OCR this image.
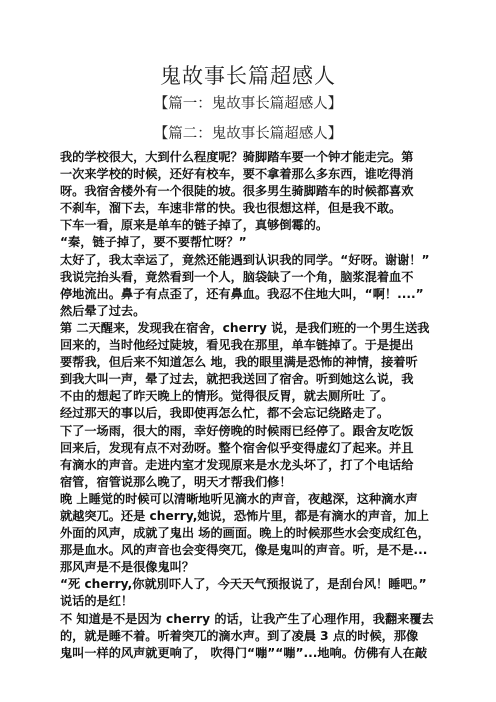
鬼故事长篇超感人
【篇一：鬼故事长篇超感人】
【篇二：鬼故事长篇超感人】
我的学校很大，大到什么程度呢？骑脚踏车要一个钟才能走完。第
一次来学校的时候，还好有校车，要不拿着那么多东西，谁吃得消
呀。我宿舍楼外有一个很陡的坡。很多男生骑脚踏车的时候都喜欢
不刹车，溜下去，车速非常的快。我也很想这样，但是我不敢。
下车一看，原来是单车的链子掉了，真够倒霉的。
“秦，链子掉了，要不要帮忙呀？”
太好了，我太幸运了，竟然还能遇到认识我的同学。“好呀。谢谢！”
我说完抬头看，竟然看到一个人，脑袋缺了一个角，脑浆混着血不
停地流出。鼻子有点歪了，还有鼻血。我忍不住地大叫，“啊！....”
然后晕了过去。
第 二天醒来，发现我在宿舍，cherry 说，是我们班的一个男生送我
回来的，当时他经过陡坡，看见我在那里，单车链掉了。于是提出
要帮我，但后来不知道怎么 地，我的眼里满是恐怖的神情，接着听
到我大叫一声，晕了过去，就把我送回了宿舍。听到她这么说，我
不由的想起了昨天晚上的情形。觉得很反胃，就去厕所吐 了。
经过那天的事以后，我即使再怎么忙，都不会忘记绕路走了。
下了一场雨，很大的雨，幸好傍晚的时候雨已经停了。跟舍友吃饭
回来后，发现有点不对劲呀。整个宿舍似乎变得虚幻了起来。并且
有滴水的声音。走进内室才发现原来是水龙头坏了，打了个电话给
宿管，宿管说那么晚了，明天才帮我们修！
晚 上睡觉的时候可以清晰地听见滴水的声音，夜越深，这种滴水声
就越突兀。还是 cherry,她说，恐怖片里，都是有滴水的声音，加上
外面的风声，成就了鬼出 场的画面。晚上的时候那些水会变成红色，
那是血水。风的声音也会变得突兀，像是鬼叫的声音。听，是不是...
那风声是不是很像鬼叫？
“死 cherry,你就別吓人了，今天天气预报说了，是刮台风！睡吧。”
说话的是红！
不 知道是不是因为 cherry 的话，让我产生了心理作用，我翻来覆去
的，就是睡不着。听着突兀的滴水声。到了凌晨 3 点的时候，那像
鬼叫一样的风声就更响了， 吹得门“嘣”“嘣”...地响。仿佛有人在敲
